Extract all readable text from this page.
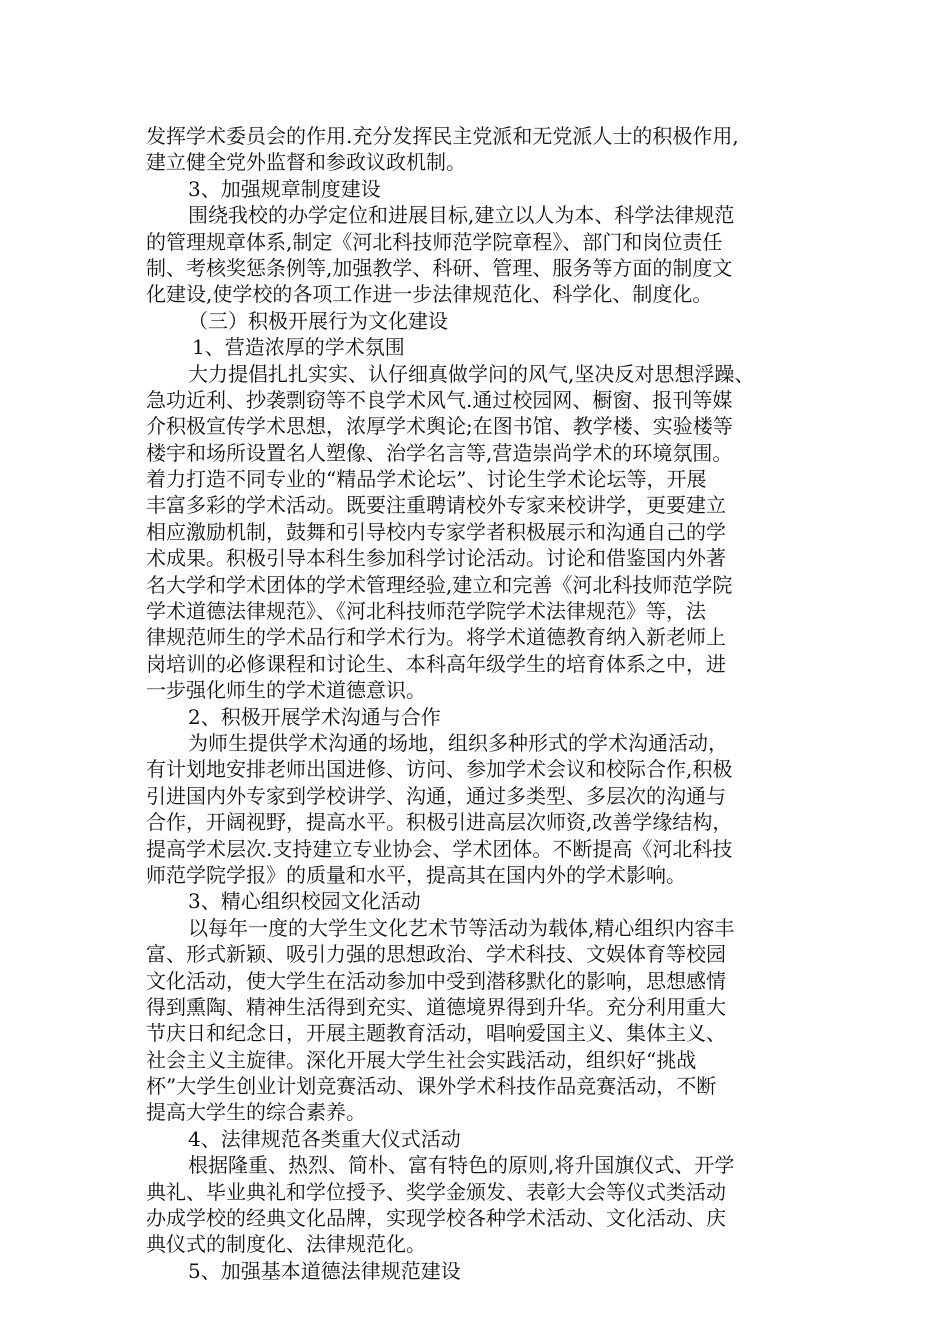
发挥学术委员会的作用.充分发挥民主党派和无党派人士的积极作用,
建立健全党外监督和参政议政机制。
3、加强规章制度建设
围绕我校的办学定位和进展目标,建立以人为本、科学法律规范
的管理规章体系,制定《河北科技师范学院章程》、部门和岗位责任
制、考核奖惩条例等,加强教学、科研、管理、服务等方面的制度文
化建设,使学校的各项工作进一步法律规范化、科学化、制度化。
（三）积极开展行为文化建设
1、营造浓厚的学术氛围
大力提倡扎扎实实、认仔细真做学问的风气,坚决反对思想浮躁、
急功近利、抄袭剽窃等不良学术风气.通过校园网、橱窗、报刊等媒
介积极宣传学术思想，浓厚学术舆论;在图书馆、教学楼、实验楼等
楼宇和场所设置名人塑像、治学名言等,营造崇尚学术的环境氛围。
着力打造不同专业的“精品学术论坛”、讨论生学术论坛等，开展
丰富多彩的学术活动。既要注重聘请校外专家来校讲学，更要建立
相应激励机制，鼓舞和引导校内专家学者积极展示和沟通自己的学
术成果。积极引导本科生参加科学讨论活动。讨论和借鉴国内外著
名大学和学术团体的学术管理经验,建立和完善《河北科技师范学院
学术道德法律规范》、《河北科技师范学院学术法律规范》等，法
律规范师生的学术品行和学术行为。将学术道德教育纳入新老师上
岗培训的必修课程和讨论生、本科高年级学生的培育体系之中，进
一步强化师生的学术道德意识。
2、积极开展学术沟通与合作
为师生提供学术沟通的场地，组织多种形式的学术沟通活动，
有计划地安排老师出国进修、访问、参加学术会议和校际合作,积极
引进国内外专家到学校讲学、沟通，通过多类型、多层次的沟通与
合作，开阔视野，提高水平。积极引进高层次师资,改善学缘结构，
提高学术层次.支持建立专业协会、学术团体。不断提高《河北科技
师范学院学报》的质量和水平，提高其在国内外的学术影响。
3、精心组织校园文化活动
以每年一度的大学生文化艺术节等活动为载体,精心组织内容丰
富、形式新颖、吸引力强的思想政治、学术科技、文娱体育等校园
文化活动，使大学生在活动参加中受到潜移默化的影响，思想感情
得到熏陶、精神生活得到充实、道德境界得到升华。充分利用重大
节庆日和纪念日，开展主题教育活动，唱响爱国主义、集体主义、
社会主义主旋律。深化开展大学生社会实践活动，组织好“挑战
杯”大学生创业计划竞赛活动、课外学术科技作品竞赛活动，不断
提高大学生的综合素养。
4、法律规范各类重大仪式活动
根据隆重、热烈、简朴、富有特色的原则,将升国旗仪式、开学
典礼、毕业典礼和学位授予、奖学金颁发、表彰大会等仪式类活动
办成学校的经典文化品牌，实现学校各种学术活动、文化活动、庆
典仪式的制度化、法律规范化。
5、加强基本道德法律规范建设
